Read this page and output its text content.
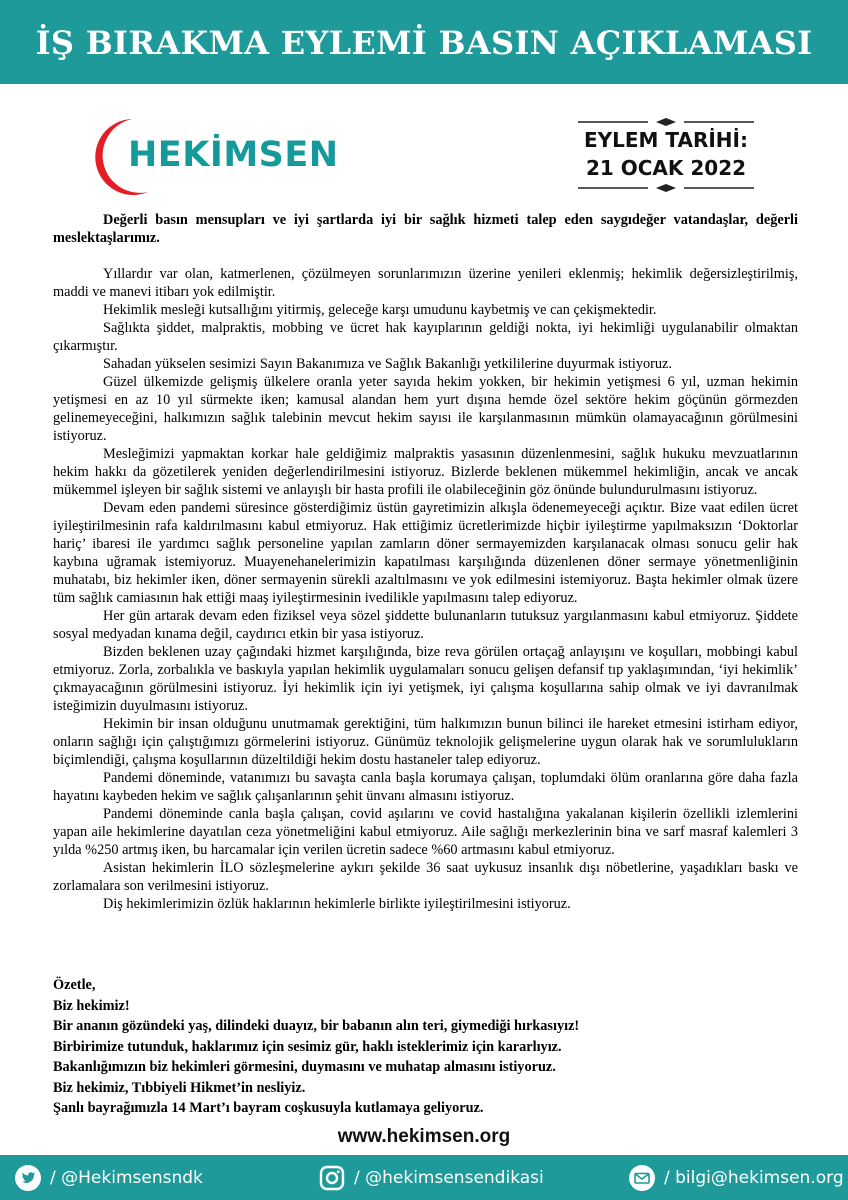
İŞ BIRAKMA EYLEMİ BASIN AÇIKLAMASI
HEKİMSEN	EYLEM TARİHİ:
21 OCAK 2022

Değerli basın mensupları ve iyi şartlarda iyi bir sağlık hizmeti talep eden saygıdeğer vatandaşlar, değerli meslektaşlarımız.

Yıllardır var olan, katmerlenen, çözülmeyen sorunlarımızın üzerine yenileri eklenmiş; hekimlik değersizleştirilmiş, maddi ve manevi itibarı yok edilmiştir.

Hekimlik mesleği kutsallığını yitirmiş, geleceğe karşı umudunu kaybetmiş ve can çekişmektedir.

Sağlıkta şiddet, malpraktis, mobbing ve ücret hak kayıplarının geldiği nokta, iyi hekimliği uygulanabilir olmaktan çıkarmıştır.

Sahadan yükselen sesimizi Sayın Bakanımıza ve Sağlık Bakanlığı yetkililerine duyurmak istiyoruz.

Güzel ülkemizde gelişmiş ülkelere oranla yeter sayıda hekim yokken, bir hekimin yetişmesi 6 yıl, uzman hekimin yetişmesi en az 10 yıl sürmekte iken; kamusal alandan hem yurt dışına hemde özel sektöre hekim göçünün görmezden gelinemeyeceğini, halkımızın sağlık talebinin mevcut hekim sayısı ile karşılanmasının mümkün olamayacağının görülmesini istiyoruz.

Mesleğimizi yapmaktan korkar hale geldiğimiz malpraktis yasasının düzenlenmesini, sağlık hukuku mevzuatlarının hekim hakkı da gözetilerek yeniden değerlendirilmesini istiyoruz. Bizlerde beklenen mükemmel hekimliğin, ancak ve ancak mükemmel işleyen bir sağlık sistemi ve anlayışlı bir hasta profili ile olabileceğinin göz önünde bulundurulmasını istiyoruz.

Devam eden pandemi süresince gösterdiğimiz üstün gayretimizin alkışla ödenemeyeceği açıktır. Bize vaat edilen ücret iyileştirilmesinin rafa kaldırılmasını kabul etmiyoruz. Hak ettiğimiz ücretlerimizde hiçbir iyileştirme yapılmaksızın ‘Doktorlar hariç’ ibaresi ile yardımcı sağlık personeline yapılan zamların döner sermayemizden karşılanacak olması sonucu gelir hak kaybına uğramak istemiyoruz. Muayenehanelerimizin kapatılması karşılığında düzenlenen döner sermaye yönetmenliğinin muhatabı, biz hekimler iken, döner sermayenin sürekli azaltılmasını ve yok edilmesini istemiyoruz. Başta hekimler olmak üzere tüm sağlık camiasının hak ettiği maaş iyileştirmesinin ivedilikle yapılmasını talep ediyoruz.

Her gün artarak devam eden fiziksel veya sözel şiddette bulunanların tutuksuz yargılanmasını kabul etmiyoruz. Şiddete sosyal medyadan kınama değil, caydırıcı etkin bir yasa istiyoruz.

Bizden beklenen uzay çağındaki hizmet karşılığında, bize reva görülen ortaçağ anlayışını ve koşulları, mobbingi kabul etmiyoruz. Zorla, zorbalıkla ve baskıyla yapılan hekimlik uygulamaları sonucu gelişen defansif tıp yaklaşımından, ‘iyi hekimlik’ çıkmayacağının görülmesini istiyoruz. İyi hekimlik için iyi yetişmek, iyi çalışma koşullarına sahip olmak ve iyi davranılmak isteğimizin duyulmasını istiyoruz.

Hekimin bir insan olduğunu unutmamak gerektiğini, tüm halkımızın bunun bilinci ile hareket etmesini istirham ediyor, onların sağlığı için çalıştığımızı görmelerini istiyoruz. Günümüz teknolojik gelişmelerine uygun olarak hak ve sorumlulukların biçimlendiği, çalışma koşullarının düzeltildiği hekim dostu hastaneler talep ediyoruz.

Pandemi döneminde, vatanımızı bu savaşta canla başla korumaya çalışan, toplumdaki ölüm oranlarına göre daha fazla hayatını kaybeden hekim ve sağlık çalışanlarının şehit ünvanı almasını istiyoruz.

Pandemi döneminde canla başla çalışan, covid aşılarını ve covid hastalığına yakalanan kişilerin özellikli izlemlerini yapan aile hekimlerine dayatılan ceza yönetmeliğini kabul etmiyoruz. Aile sağlığı merkezlerinin bina ve sarf masraf kalemleri 3 yılda %250 artmış iken, bu harcamalar için verilen ücretin sadece %60 artmasını kabul etmiyoruz.

Asistan hekimlerin İLO sözleşmelerine aykırı şekilde 36 saat uykusuz insanlık dışı nöbetlerine, yaşadıkları baskı ve zorlamalara son verilmesini istiyoruz.

Diş hekimlerimizin özlük haklarının hekimlerle birlikte iyileştirilmesini istiyoruz.

Özetle,
Biz hekimiz!
Bir ananın gözündeki yaş, dilindeki duayız, bir babanın alın teri, giymediği hırkasıyız!
Birbirimize tutunduk, haklarımız için sesimiz gür, haklı isteklerimiz için kararlıyız.
Bakanlığımızın biz hekimleri görmesini, duymasını ve muhatap almasını istiyoruz.
Biz hekimiz, Tıbbiyeli Hikmet’in nesliyiz.
Şanlı bayrağımızla 14 Mart’ı bayram coşkusuyla kutlamaya geliyoruz.
www.hekimsen.org
/ @Hekimsensndk	/ @hekimsensendikasi	/ bilgi@hekimsen.org
